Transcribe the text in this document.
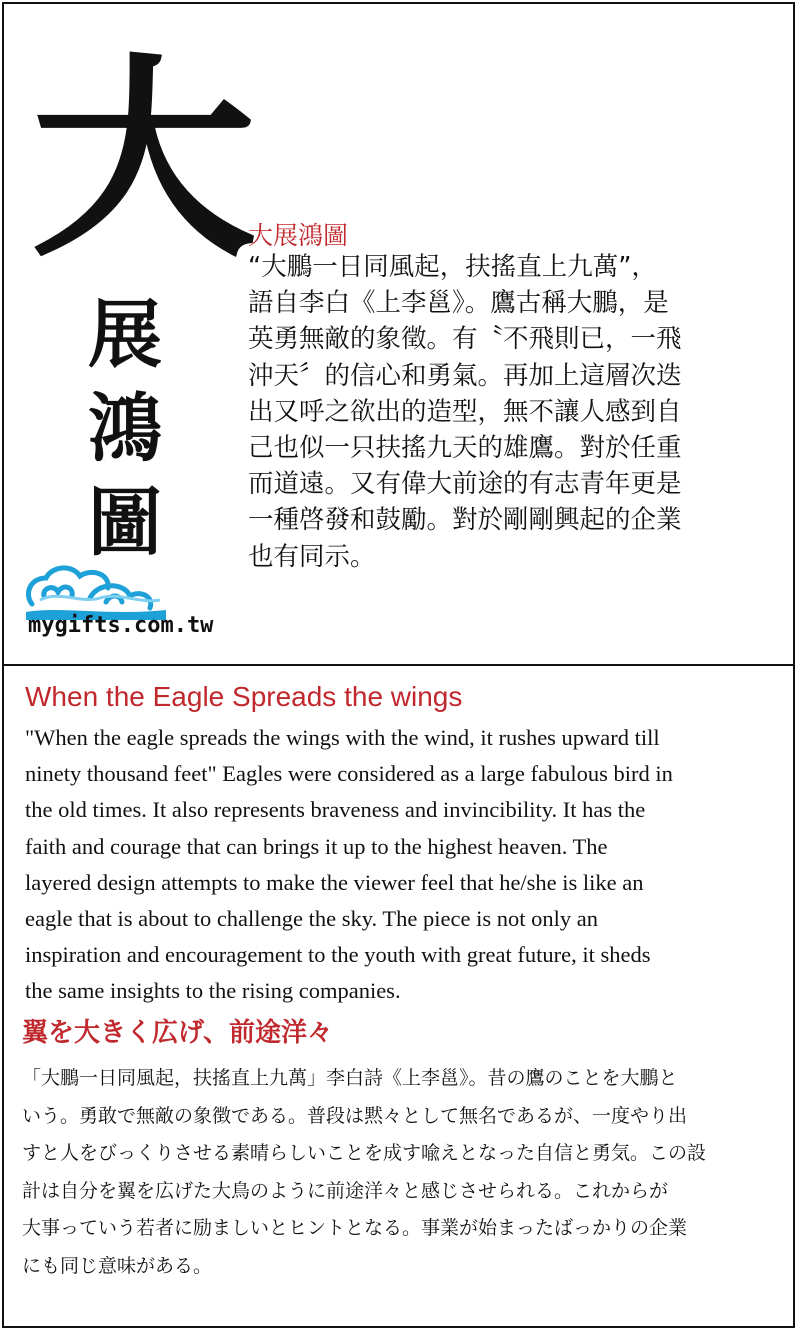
大
展
鴻
圖
mygifts.com.tw
大展鴻圖
“大鵬一日同風起，扶搖直上九萬”，
語自李白《上李邕》。鷹古稱大鵬，是
英勇無敵的象徵。有〝不飛則已，一飛
沖天〞的信心和勇氣。再加上這層次迭
出又呼之欲出的造型，無不讓人感到自
己也似一只扶搖九天的雄鷹。對於任重
而道遠。又有偉大前途的有志青年更是
一種啓發和鼓勵。對於剛剛興起的企業
也有同示。
When the Eagle Spreads the wings
"When the eagle spreads the wings with the wind, it rushes upward till
ninety thousand feet" Eagles were considered as a large fabulous bird in
the old times. It also represents braveness and invincibility. It has the
faith and courage that can brings it up to the highest heaven. The
layered design attempts to make the viewer feel that he/she is like an
eagle that is about to challenge the sky. The piece is not only an
inspiration and encouragement to the youth with great future, it sheds
the same insights to the rising companies.
翼を大きく広げ、前途洋々
「大鵬一日同風起，扶搖直上九萬」李白詩《上李邕》。昔の鷹のことを大鵬と
いう。勇敢で無敵の象徴である。普段は黙々として無名であるが、一度やり出
すと人をびっくりさせる素晴らしいことを成す喩えとなった自信と勇気。この設
計は自分を翼を広げた大鳥のように前途洋々と感じさせられる。これからが
大事っていう若者に励ましいとヒントとなる。事業が始まったばっかりの企業
にも同じ意味がある。
